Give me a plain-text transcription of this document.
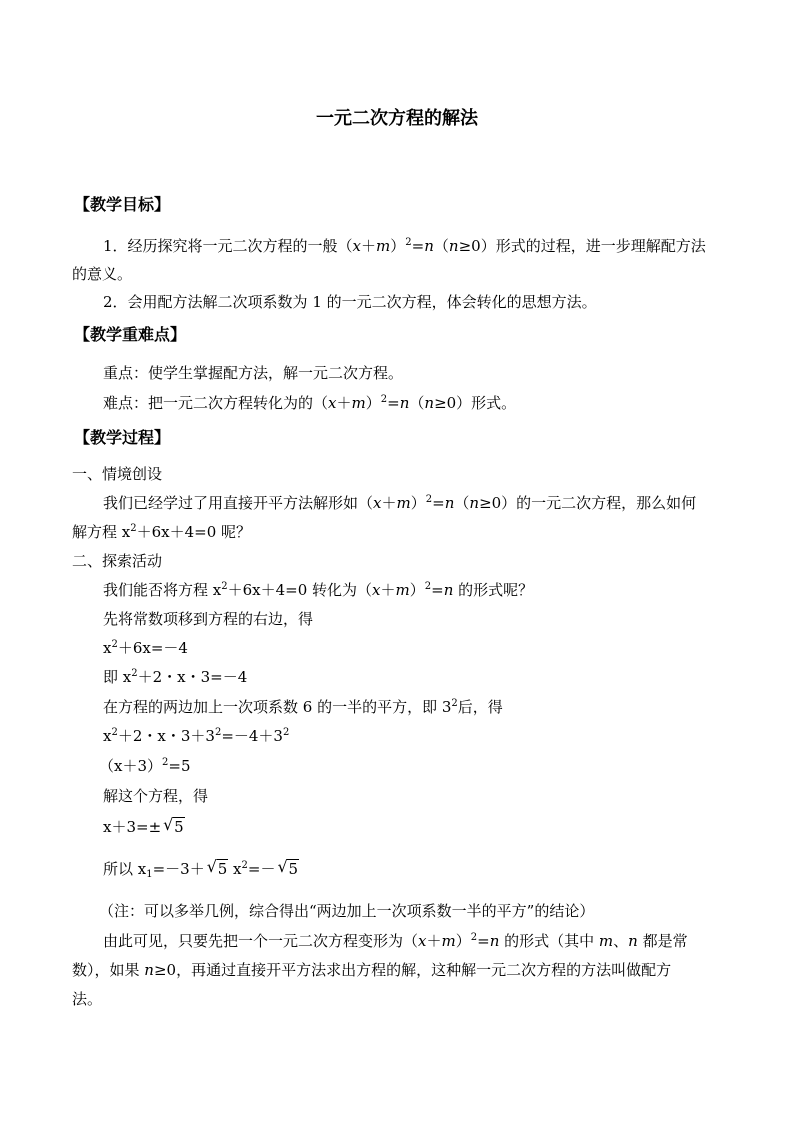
一元二次方程的解法
【教学目标】
1．经历探究将一元二次方程的一般$(x+m)^2=n(n\ge 0)$形式的过程，进一步理解配方法
的意义。
2．会用配方法解二次项系数为 1 的一元二次方程，体会转化的思想方法。
【教学重难点】
重点：使学生掌握配方法，解一元二次方程。
难点：把一元二次方程转化为的$(x+m)^2=n(n\ge 0)$形式。
【教学过程】
一、情境创设
我们已经学过了用直接开平方法解形如$(x+m)^2=n(n\ge 0)$的一元二次方程，那么如何
解方程 $x^2+6x+4=0$ 呢？
二、探索活动
我们能否将方程 $x^2+6x+4=0$ 转化为$(x+m)^2=n$ 的形式呢？
先将常数项移到方程的右边，得
$x^2+6x=-4$
即 $x^2+2$・x・3=－4
在方程的两边加上一次项系数 6 的一半的平方，即 $3^2$后，得
$x^2+2$・x・$3+3^2=-4+3^2$
$(x+3)^2=5$
解这个方程，得
x＋3=± √ 5
所以 $x_1=-3+$ √ 5 $x^2=-$ √ 5
（注：可以多举几例，综合得出“两边加上一次项系数一半的平方”的结论）
由此可见，只要先把一个一元二次方程变形为$(x+m)^2=n$ 的形式（其中 m、n 都是常
数），如果 n≥0，再通过直接开平方法求出方程的解，这种解一元二次方程的方法叫做配方
法。
